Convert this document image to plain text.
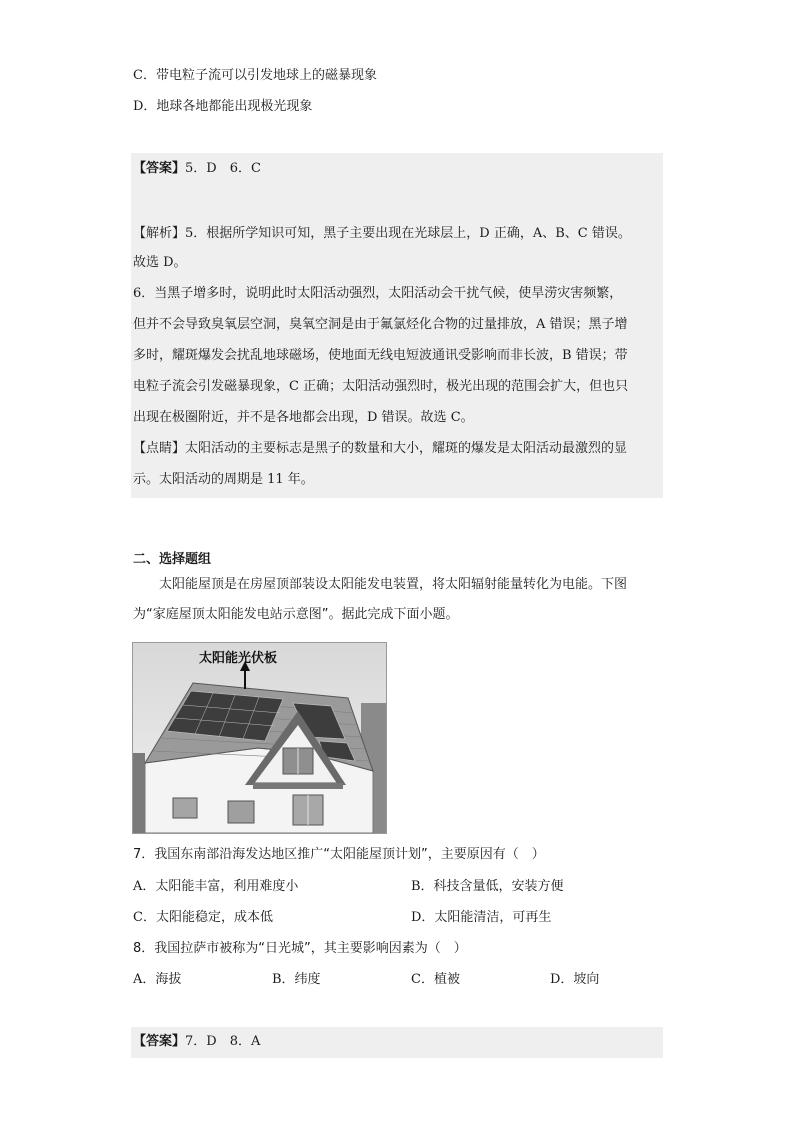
C．带电粒子流可以引发地球上的磁暴现象
D．地球各地都能出现极光现象
【答案】5．D　6．C
【解析】5．根据所学知识可知，黑子主要出现在光球层上，D 正确，A、B、C 错误。
故选 D。
6．当黑子增多时，说明此时太阳活动强烈，太阳活动会干扰气候，使旱涝灾害频繁，
但并不会导致臭氧层空洞，臭氧空洞是由于氟氯烃化合物的过量排放，A 错误；黑子增
多时，耀斑爆发会扰乱地球磁场，使地面无线电短波通讯受影响而非长波，B 错误；带
电粒子流会引发磁暴现象，C 正确；太阳活动强烈时，极光出现的范围会扩大，但也只
出现在极圈附近，并不是各地都会出现，D 错误。故选 C。
【点睛】太阳活动的主要标志是黑子的数量和大小，耀斑的爆发是太阳活动最激烈的显
示。太阳活动的周期是 11 年。
二、选择题组
太阳能屋顶是在房屋顶部装设太阳能发电装置，将太阳辐射能量转化为电能。下图
为“家庭屋顶太阳能发电站示意图”。据此完成下面小题。
太阳能光伏板
7．我国东南部沿海发达地区推广“太阳能屋顶计划”，主要原因有（　）
A．太阳能丰富，利用难度小	B．科技含量低，安装方便
C．太阳能稳定，成本低	D．太阳能清洁，可再生
8．我国拉萨市被称为“日光城”，其主要影响因素为（　）
A．海拔	B．纬度	C．植被	D．坡向
【答案】7．D　8．A
